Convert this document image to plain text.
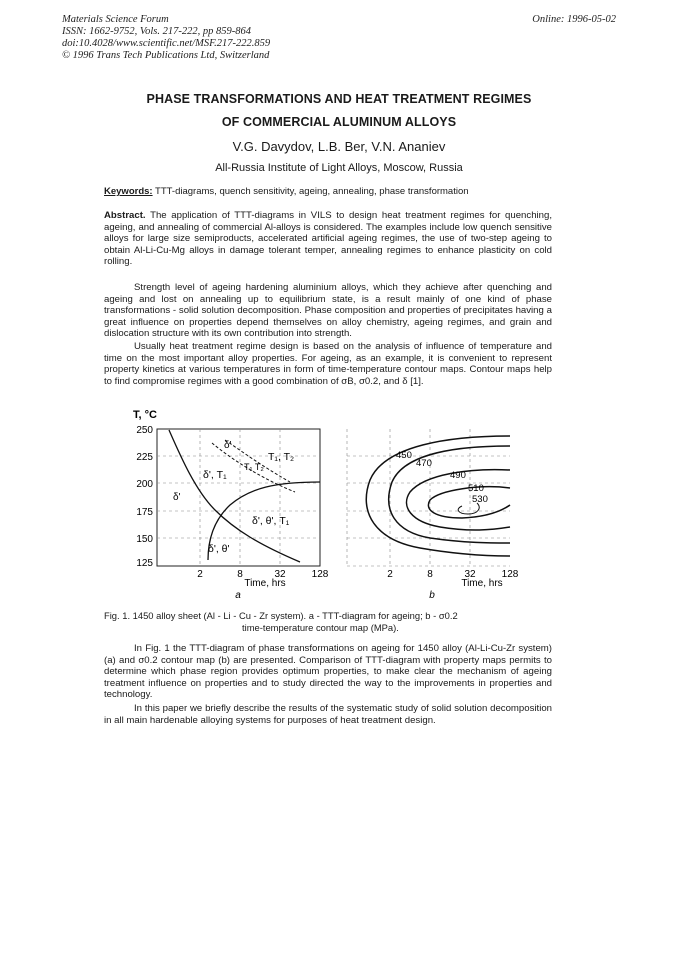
Materials Science Forum
ISSN: 1662-9752, Vols. 217-222, pp 859-864
doi:10.4028/www.scientific.net/MSF.217-222.859
© 1996 Trans Tech Publications Ltd, Switzerland
Online: 1996-05-02
PHASE TRANSFORMATIONS AND HEAT TREATMENT REGIMES
OF COMMERCIAL ALUMINUM ALLOYS
V.G. Davydov, L.B. Ber, V.N. Ananiev
All-Russia Institute of Light Alloys, Moscow, Russia
Keywords: TTT-diagrams, quench sensitivity, ageing, annealing, phase transformation
Abstract. The application of TTT-diagrams in VILS to design heat treatment regimes for quenching, ageing, and annealing of commercial Al-alloys is considered. The examples include low quench sensitive alloys for large size semiproducts, accelerated artificial ageing regimes, the use of two-step ageing to obtain Al-Li-Cu-Mg alloys in damage tolerant temper, annealing regimes to enhance plasticity on cold rolling.
Strength level of ageing hardening aluminium alloys, which they achieve after quenching and ageing and lost on annealing up to equilibrium state, is a result mainly of one kind of phase transformations - solid solution decomposition. Phase composition and properties of precipitates having a great influence on properties depend themselves on alloy chemistry, ageing regimes, and grain and dislocation structure with its own contribution into strength.
Usually heat treatment regime design is based on the analysis of influence of temperature and time on the most important alloy properties. For ageing, as an example, it is convenient to represent property kinetics at various temperatures in form of time-temperature contour maps. Contour maps help to find compromise regimes with a good combination of σB, σ0.2, and δ [1].
T, °C
250
225
200
175
150
125
2	8	32	128
Time, hrs
a
δ'
T₁, T₂
δ', T₁
T₁ T₂
δ'
δ', θ', T₁
δ', θ'
450
470
490
510
530
2	8	32	128
Time, hrs
b
Fig. 1. 1450 alloy sheet (Al - Li - Cu - Zr system). a - TTT-diagram for ageing; b - σ0.2
time-temperature contour map (MPa).
In Fig. 1 the TTT-diagram of phase transformations on ageing for 1450 alloy (Al-Li-Cu-Zr system) (a) and σ0.2 contour map (b) are presented. Comparison of TTT-diagram with property maps permits to determine which phase region provides optimum properties, to make clear the mechanism of ageing treatment influence on properties and to study directed the way to the improvements in properties and technology.
In this paper we briefly describe the results of the systematic study of solid solution decomposition in all main hardenable alloying systems for purposes of heat treatment design.
